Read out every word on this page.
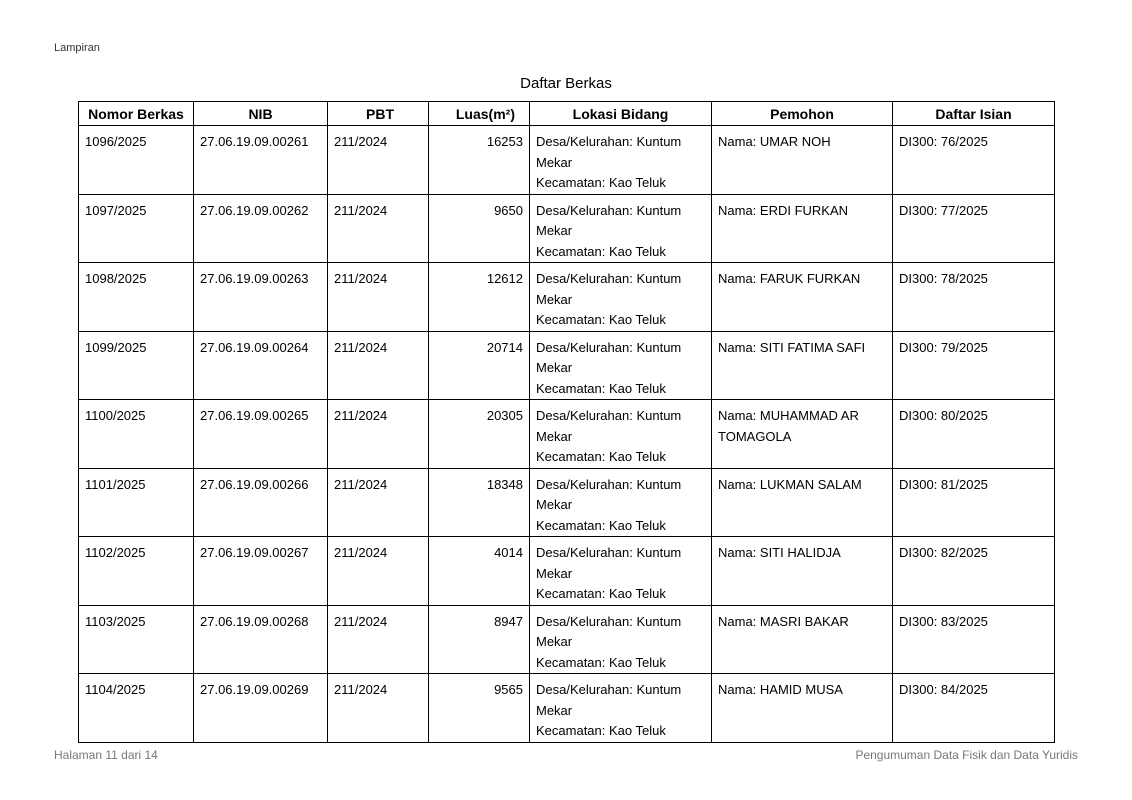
Lampiran
Daftar Berkas
Nomor Berkas	NIB	PBT	Luas(m²)	Lokasi Bidang	Pemohon	Daftar Isian
1096/2025	27.06.19.09.00261	211/2024	16253	Desa/Kelurahan: Kuntum Mekar
Kecamatan: Kao Teluk	Nama: UMAR NOH	DI300: 76/2025
1097/2025	27.06.19.09.00262	211/2024	9650	Desa/Kelurahan: Kuntum Mekar
Kecamatan: Kao Teluk	Nama: ERDI FURKAN	DI300: 77/2025
1098/2025	27.06.19.09.00263	211/2024	12612	Desa/Kelurahan: Kuntum Mekar
Kecamatan: Kao Teluk	Nama: FARUK FURKAN	DI300: 78/2025
1099/2025	27.06.19.09.00264	211/2024	20714	Desa/Kelurahan: Kuntum Mekar
Kecamatan: Kao Teluk	Nama: SITI FATIMA SAFI	DI300: 79/2025
1100/2025	27.06.19.09.00265	211/2024	20305	Desa/Kelurahan: Kuntum Mekar
Kecamatan: Kao Teluk	Nama: MUHAMMAD AR TOMAGOLA	DI300: 80/2025
1101/2025	27.06.19.09.00266	211/2024	18348	Desa/Kelurahan: Kuntum Mekar
Kecamatan: Kao Teluk	Nama: LUKMAN SALAM	DI300: 81/2025
1102/2025	27.06.19.09.00267	211/2024	4014	Desa/Kelurahan: Kuntum Mekar
Kecamatan: Kao Teluk	Nama: SITI HALIDJA	DI300: 82/2025
1103/2025	27.06.19.09.00268	211/2024	8947	Desa/Kelurahan: Kuntum Mekar
Kecamatan: Kao Teluk	Nama: MASRI BAKAR	DI300: 83/2025
1104/2025	27.06.19.09.00269	211/2024	9565	Desa/Kelurahan: Kuntum Mekar
Kecamatan: Kao Teluk	Nama: HAMID MUSA	DI300: 84/2025
Halaman 11 dari 14	Pengumuman Data Fisik dan Data Yuridis
